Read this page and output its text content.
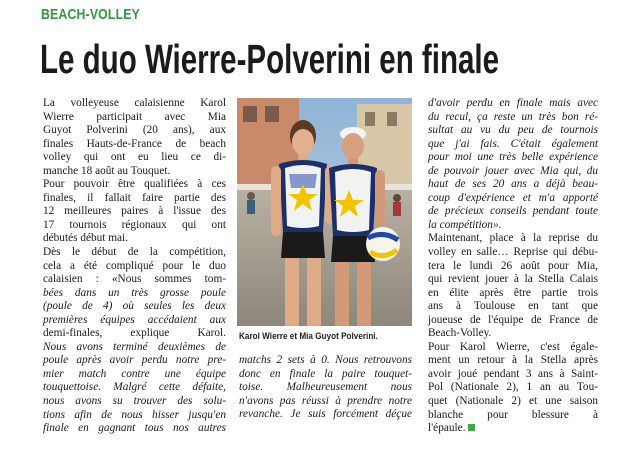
BEACH-VOLLEY
Le duo Wierre-Polverini en finale
La volleyeuse calaisienne Karol
Wierre participait avec Mia
Guyot Polverini (20 ans), aux
finales Hauts-de-France de beach
volley qui ont eu lieu ce di-
manche 18 août au Touquet.
Pour pouvoir être qualifiées à ces
finales, il fallait faire partie des
12 meilleures paires à l'issue des
17 tournois régionaux qui ont
débutés début mai.
Dès le début de la compétition,
cela a été compliqué pour le duo
calaisien : «Nous sommes tom-
bées dans un très grosse poule
(poule de 4) où seules les deux
premières équipes accédaient aux
demi-finales, explique Karol.
Nous avons terminé deuxièmes de
poule après avoir perdu notre pre-
mier match contre une équipe
touquettoise. Malgré cette défaite,
nous avons su trouver des solu-
tions afin de nous hisser jusqu'en
finale en gagnant tous nos autres
Karol Wierre et Mia Guyot Polverini.
matchs 2 sets à 0. Nous retrouvons
donc en finale la paire touquet-
toise. Malheureusement nous
n'avons pas réussi à prendre notre
revanche. Je suis forcément déçue
d'avoir perdu en finale mais avec
du recul, ça reste un très bon ré-
sultat au vu du peu de tournois
que j'ai fais. C'était également
pour moi une très belle expérience
de pouvoir jouer avec Mia qui, du
haut de ses 20 ans a déjà beau-
coup d'expérience et m'a apporté
de précieux conseils pendant toute
la compétition».
Maintenant, place à la reprise du
volley en salle… Reprise qui débu-
tera le lundi 26 août pour Mia,
qui revient jouer à la Stella Calais
en élite après être partie trois
ans à Toulouse en tant que
joueuse de l'équipe de France de
Beach-Volley.
Pour Karol Wierre, c'est égale-
ment un retour à la Stella après
avoir joué pendant 3 ans à Saint-
Pol (Nationale 2), 1 an au Tou-
quet (Nationale 2) et une saison
blanche pour blessure à
l'épaule.
